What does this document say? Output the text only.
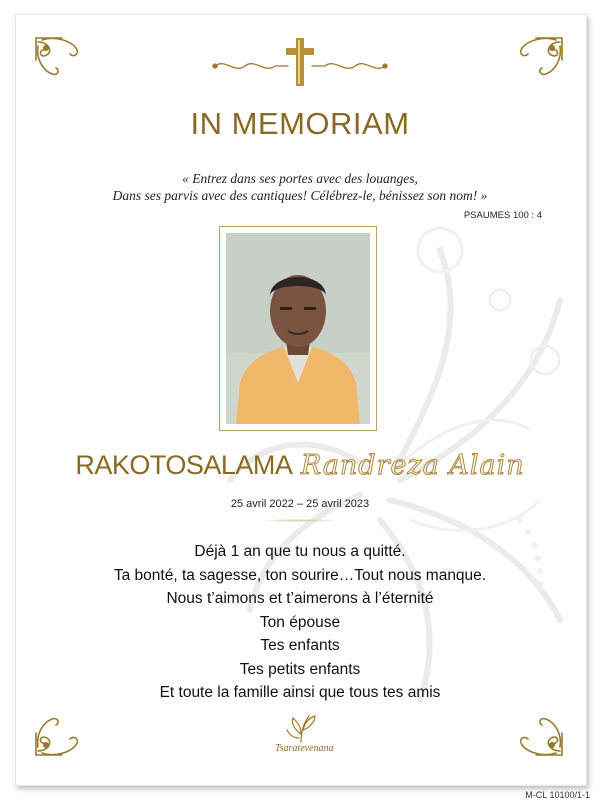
IN MEMORIAM
« Entrez dans ses portes avec des louanges,
Dans ses parvis avec des cantiques! Célébrez-le, bénissez son nom! »
PSAUMES 100 : 4
RAKOTOSALAMA Randreza Alain
25 avril 2022 – 25 avril 2023
Déjà 1 an que tu nous a quitté.
Ta bonté, ta sagesse, ton sourire…Tout nous manque.
Nous t’aimons et t’aimerons à l’éternité
Ton épouse
Tes enfants
Tes petits enfants
Et toute la famille ainsi que tous tes amis
Tsaratevenana
M-CL 10100/1-1
